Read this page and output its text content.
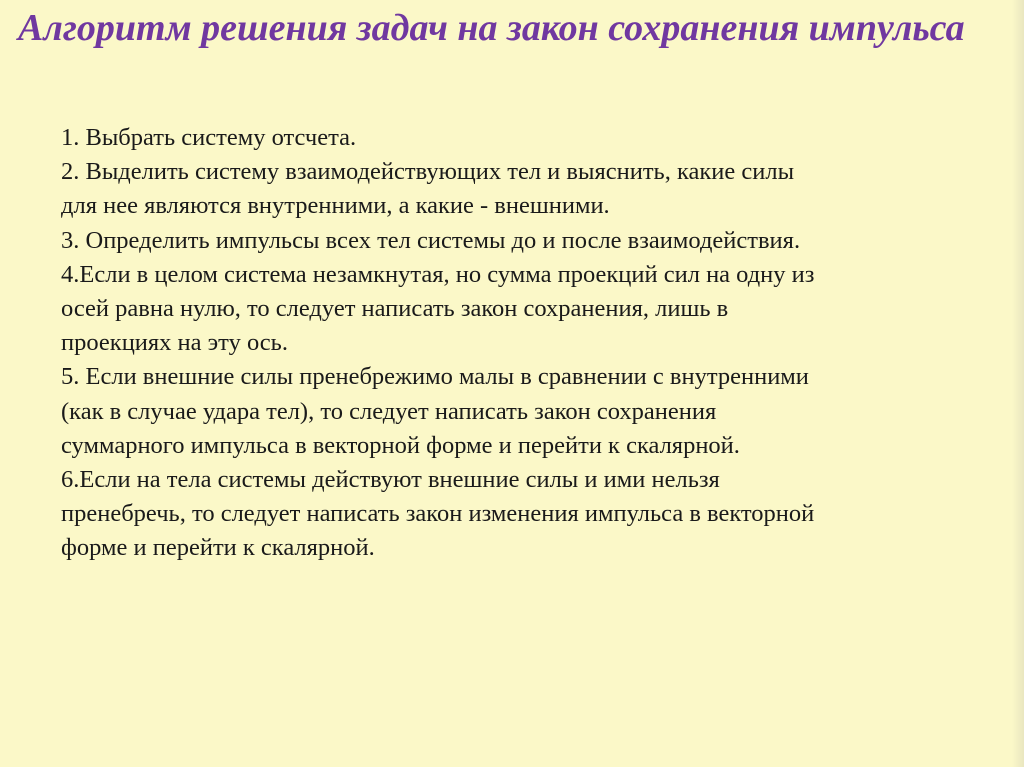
Алгоритм решения задач на закон сохранения импульса
1. Выбрать систему отсчета.
2. Выделить систему взаимодействующих тел и выяснить, какие силы
для нее являются внутренними, а какие - внешними.
3. Определить импульсы всех тел системы до и после взаимодействия.
4.Если в целом система незамкнутая, но сумма проекций сил на одну из
осей равна нулю, то следует написать закон сохранения, лишь в
проекциях на эту ось.
5. Если внешние силы пренебрежимо малы в сравнении с внутренними
(как в случае удара тел), то следует написать закон сохранения
суммарного импульса в векторной форме и перейти к скалярной.
6.Если на тела системы действуют внешние силы и ими нельзя
пренебречь, то следует написать закон изменения импульса в векторной
форме и перейти к скалярной.
